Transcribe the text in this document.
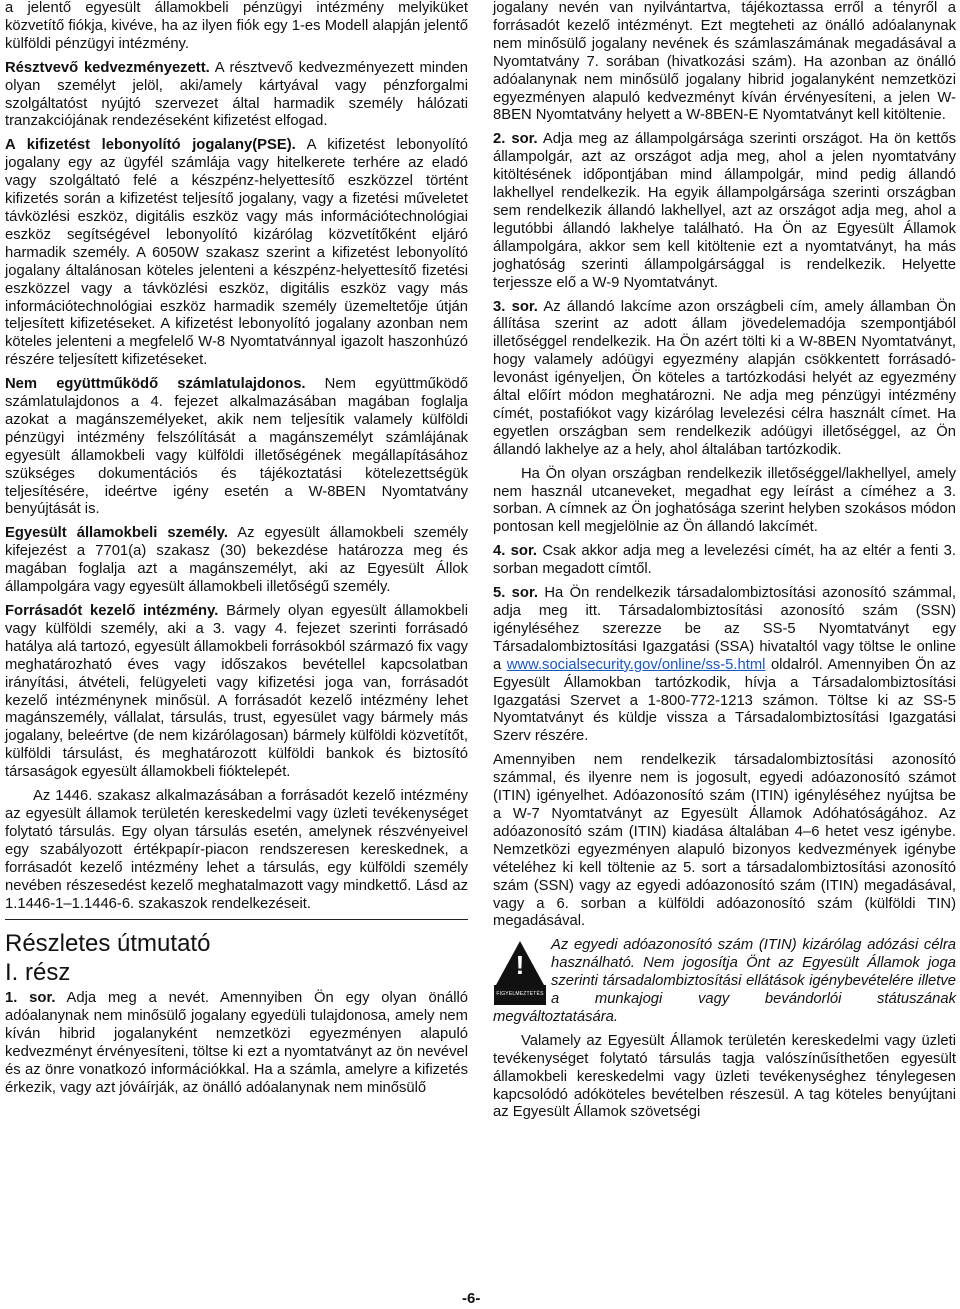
a jelentő egyesült államokbeli pénzügyi intézmény melyiküket közvetítő fiókja, kivéve, ha az ilyen fiók egy 1-es Modell alapján jelentő külföldi pénzügyi intézmény.

Résztvevő kedvezményezett. A résztvevő kedvezményezett minden olyan személyt jelöl, aki/amely kártyával vagy pénzforgalmi szolgáltatóst nyújtó szervezet által harmadik személy hálózati tranzakciójának rendezéseként kifizetést elfogad.

A kifizetést lebonyolító jogalany(PSE). A kifizetést lebonyolító jogalany egy az ügyfél számlája vagy hitelkerete terhére az eladó vagy szolgáltató felé a készpénz-helyettesítő eszközzel történt kifizetés során a kifizetést teljesítő jogalany, vagy a fizetési műveletet távközlési eszköz, digitális eszköz vagy más információtechnológiai eszköz segítségével lebonyolító kizárólag közvetítőként eljáró harmadik személy. A 6050W szakasz szerint a kifizetést lebonyolító jogalany általánosan köteles jelenteni a készpénz-helyettesítő fizetési eszközzel vagy a távközlési eszköz, digitális eszköz vagy más információtechnológiai eszköz harmadik személy üzemeltetője útján teljesített kifizetéseket. A kifizetést lebonyolító jogalany azonban nem köteles jelenteni a megfelelő W-8 Nyomtatvánnyal igazolt haszonhúzó részére teljesített kifizetéseket.

Nem együttműködő számlatulajdonos. Nem együttműködő számlatulajdonos a 4. fejezet alkalmazásában magában foglalja azokat a magánszemélyeket, akik nem teljesítik valamely külföldi pénzügyi intézmény felszólítását a magánszemélyt számlájának egyesült államokbeli vagy külföldi illetőségének megállapításához szükséges dokumentációs és tájékoztatási kötelezettségük teljesítésére, ideértve igény esetén a W-8BEN Nyomtatvány benyújtását is.

Egyesült államokbeli személy. Az egyesült államokbeli személy kifejezést a 7701(a) szakasz (30) bekezdése határozza meg és magában foglalja azt a magánszemélyt, aki az Egyesült Állok állampolgára vagy egyesült államokbeli illetőségű személy.

Forrásadót kezelő intézmény. Bármely olyan egyesült államokbeli vagy külföldi személy, aki a 3. vagy 4. fejezet szerinti forrásadó hatálya alá tartozó, egyesült államokbeli forrásokból származó fix vagy meghatározható éves vagy időszakos bevétellel kapcsolatban irányítási, átvételi, felügyeleti vagy kifizetési joga van, forrásadót kezelő intézménynek minősül. A forrásadót kezelő intézmény lehet magánszemély, vállalat, társulás, trust, egyesület vagy bármely más jogalany, beleértve (de nem kizárólagosan) bármely külföldi közvetítőt, külföldi társulást, és meghatározott külföldi bankok és biztosító társaságok egyesült államokbeli fióktelepét.

Az 1446. szakasz alkalmazásában a forrásadót kezelő intézmény az egyesült államok területén kereskedelmi vagy üzleti tevékenységet folytató társulás. Egy olyan társulás esetén, amelynek részvényeivel egy szabályozott értékpapír-piacon rendszeresen kereskednek, a forrásadót kezelő intézmény lehet a társulás, egy külföldi személy nevében részesedést kezelő meghatalmazott vagy mindkettő. Lásd az 1.1446-1–1.1446-6. szakaszok rendelkezéseit.

Részletes útmutató
I. rész

1. sor. Adja meg a nevét. Amennyiben Ön egy olyan önálló adóalanynak nem minősülő jogalany egyedüli tulajdonosa, amely nem kíván hibrid jogalanyként nemzetközi egyezményen alapuló kedvezményt érvényesíteni, töltse ki ezt a nyomtatványt az ön nevével és az önre vonatkozó információkkal. Ha a számla, amelyre a kifizetés érkezik, vagy azt jóváírják, az önálló adóalanynak nem minősülő

jogalany nevén van nyilvántartva, tájékoztassa erről a tényről a forrásadót kezelő intézményt. Ezt megteheti az önálló adóalanynak nem minősülő jogalany nevének és számlaszámának megadásával a Nyomtatvány 7. sorában (hivatkozási szám). Ha azonban az önálló adóalanynak nem minősülő jogalany hibrid jogalanyként nemzetközi egyezményen alapuló kedvezményt kíván érvényesíteni, a jelen W-8BEN Nyomtatvány helyett a W-8BEN-E Nyomtatványt kell kitöltenie.

2. sor. Adja meg az állampolgársága szerinti országot. Ha ön kettős állampolgár, azt az országot adja meg, ahol a jelen nyomtatvány kitöltésének időpontjában mind állampolgár, mind pedig állandó lakhellyel rendelkezik. Ha egyik állampolgársága szerinti országban sem rendelkezik állandó lakhellyel, azt az országot adja meg, ahol a legutóbbi állandó lakhelye található. Ha Ön az Egyesült Államok állampolgára, akkor sem kell kitöltenie ezt a nyomtatványt, ha más joghatóság szerinti állampolgársággal is rendelkezik. Helyette terjessze elő a W-9 Nyomtatványt.

3. sor. Az állandó lakcíme azon országbeli cím, amely államban Ön állítása szerint az adott állam jövedelemadója szempontjából illetőséggel rendelkezik. Ha Ön azért tölti ki a W-8BEN Nyomtatványt, hogy valamely adóügyi egyezmény alapján csökkentett forrásadó-levonást igényeljen, Ön köteles a tartózkodási helyét az egyezmény által előírt módon meghatározni. Ne adja meg pénzügyi intézmény címét, postafiókot vagy kizárólag levelezési célra használt címet. Ha egyetlen országban sem rendelkezik adóügyi illetőséggel, az Ön állandó lakhelye az a hely, ahol általában tartózkodik.

Ha Ön olyan országban rendelkezik illetőséggel/lakhellyel, amely nem használ utcaneveket, megadhat egy leírást a címéhez a 3. sorban. A címnek az Ön joghatósága szerint helyben szokásos módon pontosan kell megjelölnie az Ön állandó lakcímét.

4. sor. Csak akkor adja meg a levelezési címét, ha az eltér a fenti 3. sorban megadott címtől.

5. sor. Ha Ön rendelkezik társadalombiztosítási azonosító számmal, adja meg itt. Társadalombiztosítási azonosító szám (SSN) igényléséhez szerezze be az SS-5 Nyomtatványt egy Társadalombiztosítási Igazgatási (SSA) hivataltól vagy töltse le online a www.socialsecurity.gov/online/ss-5.html oldalról. Amennyiben Ön az Egyesült Államokban tartózkodik, hívja a Társadalombiztosítási Igazgatási Szervet a 1-800-772-1213 számon. Töltse ki az SS-5 Nyomtatványt és küldje vissza a Társadalombiztosítási Igazgatási Szerv részére.

Amennyiben nem rendelkezik társadalombiztosítási azonosító számmal, és ilyenre nem is jogosult, egyedi adóazonosító számot (ITIN) igényelhet. Adóazonosító szám (ITIN) igényléséhez nyújtsa be a W-7 Nyomtatványt az Egyesült Államok Adóhatóságához. Az adóazonosító szám (ITIN) kiadása általában 4–6 hetet vesz igénybe. Nemzetközi egyezményen alapuló bizonyos kedvezmények igénybe vételéhez ki kell töltenie az 5. sort a társadalombiztosítási azonosító szám (SSN) vagy az egyedi adóazonosító szám (ITIN) megadásával, vagy a 6. sorban a külföldi adóazonosító szám (külföldi TIN) megadásával.

!
FIGYELMEZTETÉS

Az egyedi adóazonosító szám (ITIN) kizárólag adózási célra használható. Nem jogosítja Önt az Egyesült Államok joga szerinti társadalombiztosítási ellátások igénybevételére illetve a munkajogi vagy bevándorlói státuszának megváltoztatására.

Valamely az Egyesült Államok területén kereskedelmi vagy üzleti tevékenységet folytató társulás tagja valószínűsíthetően egyesült államokbeli kereskedelmi vagy üzleti tevékenységhez ténylegesen kapcsolódó adóköteles bevételben részesül. A tag köteles benyújtani az Egyesült Államok szövetségi

-6-
